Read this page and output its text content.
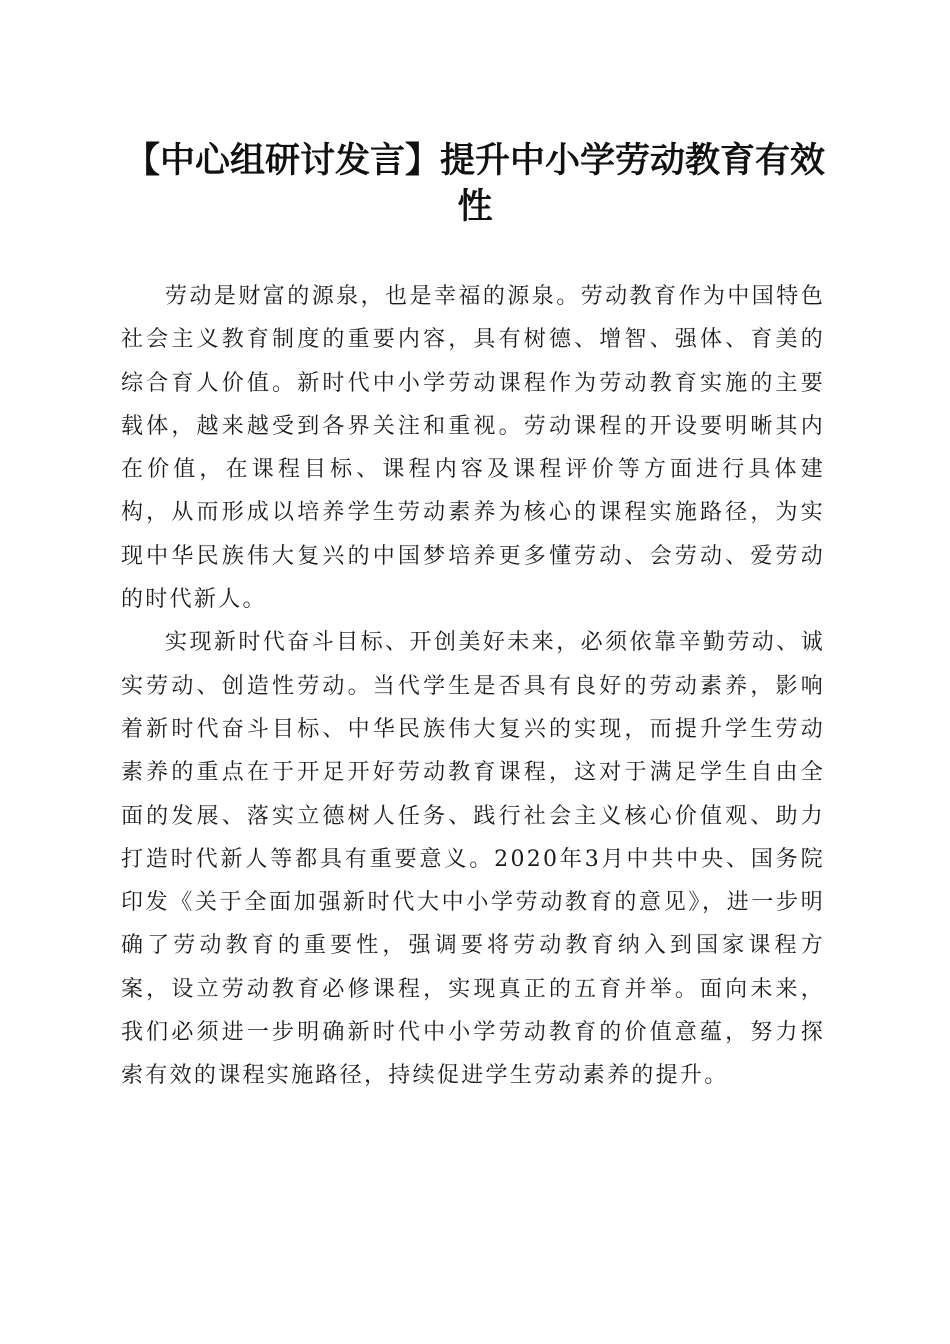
【中心组研讨发言】提升中小学劳动教育有效性

劳动是财富的源泉，也是幸福的源泉。劳动教育作为中国特色社会主义教育制度的重要内容，具有树德、增智、强体、育美的综合育人价值。新时代中小学劳动课程作为劳动教育实施的主要载体，越来越受到各界关注和重视。劳动课程的开设要明晰其内在价值，在课程目标、课程内容及课程评价等方面进行具体建构，从而形成以培养学生劳动素养为核心的课程实施路径，为实现中华民族伟大复兴的中国梦培养更多懂劳动、会劳动、爱劳动的时代新人。

实现新时代奋斗目标、开创美好未来，必须依靠辛勤劳动、诚实劳动、创造性劳动。当代学生是否具有良好的劳动素养，影响着新时代奋斗目标、中华民族伟大复兴的实现，而提升学生劳动素养的重点在于开足开好劳动教育课程，这对于满足学生自由全面的发展、落实立德树人任务、践行社会主义核心价值观、助力打造时代新人等都具有重要意义。2020年3月中共中央、国务院印发《关于全面加强新时代大中小学劳动教育的意见》，进一步明确了劳动教育的重要性，强调要将劳动教育纳入到国家课程方案，设立劳动教育必修课程，实现真正的五育并举。面向未来，我们必须进一步明确新时代中小学劳动教育的价值意蕴，努力探索有效的课程实施路径，持续促进学生劳动素养的提升。
